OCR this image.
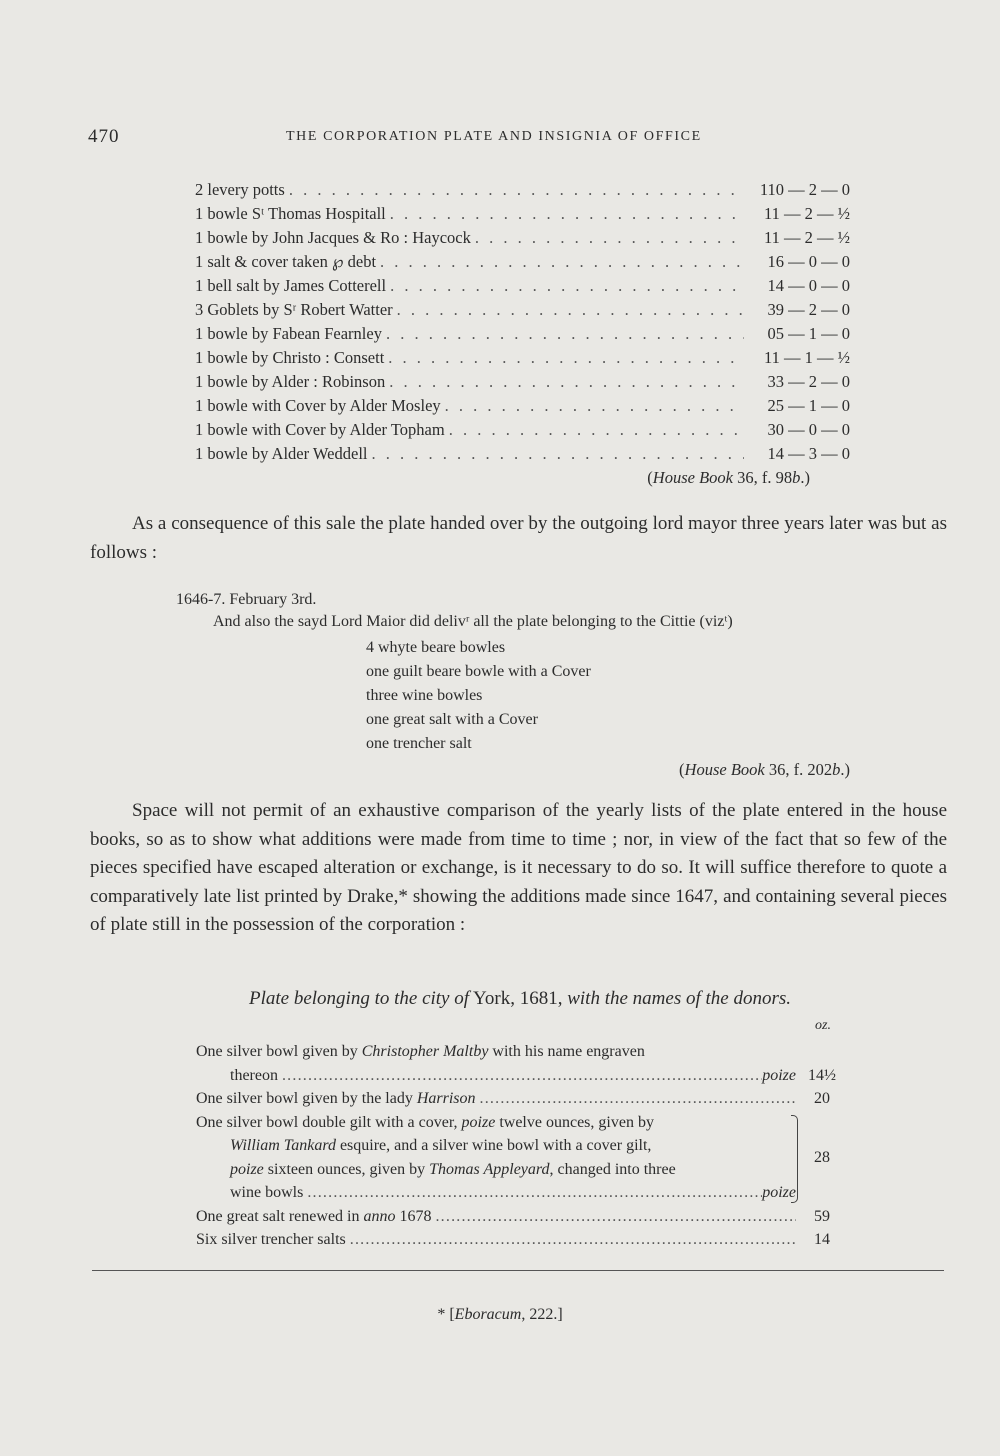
470	THE CORPORATION PLATE AND INSIGNIA OF OFFICE
2 levery potts . . .	110 — 2 — 0
1 bowle Sᵗ Thomas Hospitall . . .	11 — 2 — ½
1 bowle by John Jacques & Ro : Haycock . . .	11 — 2 — ½
1 salt & cover taken ℘ debt . . .	16 — 0 — 0
1 bell salt by James Cotterell . . .	14 — 0 — 0
3 Goblets by Sʳ Robert Watter . . .	39 — 2 — 0
1 bowle by Fabean Fearnley . . .	05 — 1 — 0
1 bowle by Christo : Consett . . .	11 — 1 — ½
1 bowle by Alder : Robinson . . .	33 — 2 — 0
1 bowle with Cover by Alder Mosley . . .	25 — 1 — 0
1 bowle with Cover by Alder Topham . . .	30 — 0 — 0
1 bowle by Alder Weddell . . .	14 — 3 — 0
(House Book 36, f. 98b.)

As a consequence of this sale the plate handed over by the outgoing lord mayor three years later was but as follows :

1646-7. February 3rd.
And also the sayd Lord Maior did delivʳ all the plate belonging to the Cittie (vizᵗ)
4 whyte beare bowles
one guilt beare bowle with a Cover
three wine bowles
one great salt with a Cover
one trencher salt
(House Book 36, f. 202b.)

Space will not permit of an exhaustive comparison of the yearly lists of the plate entered in the house books, so as to show what additions were made from time to time ; nor, in view of the fact that so few of the pieces specified have escaped alteration or exchange, is it necessary to do so. It will suffice therefore to quote a comparatively late list printed by Drake,* showing the additions made since 1647, and containing several pieces of plate still in the possession of the corporation :

Plate belonging to the city of York, 1681, with the names of the donors.
oz.
One silver bowl given by Christopher Maltby with his name engraven
thereon .....	poize 14½
One silver bowl given by the lady Harrison .....	20
One silver bowl double gilt with a cover, poize twelve ounces, given by
William Tankard esquire, and a silver wine bowl with a cover gilt,
poize sixteen ounces, given by Thomas Appleyard, changed into three
wine bowls .....	poize
28
One great salt renewed in anno 1678 .....	59
Six silver trencher salts .....	14
* [Eboracum, 222.]
